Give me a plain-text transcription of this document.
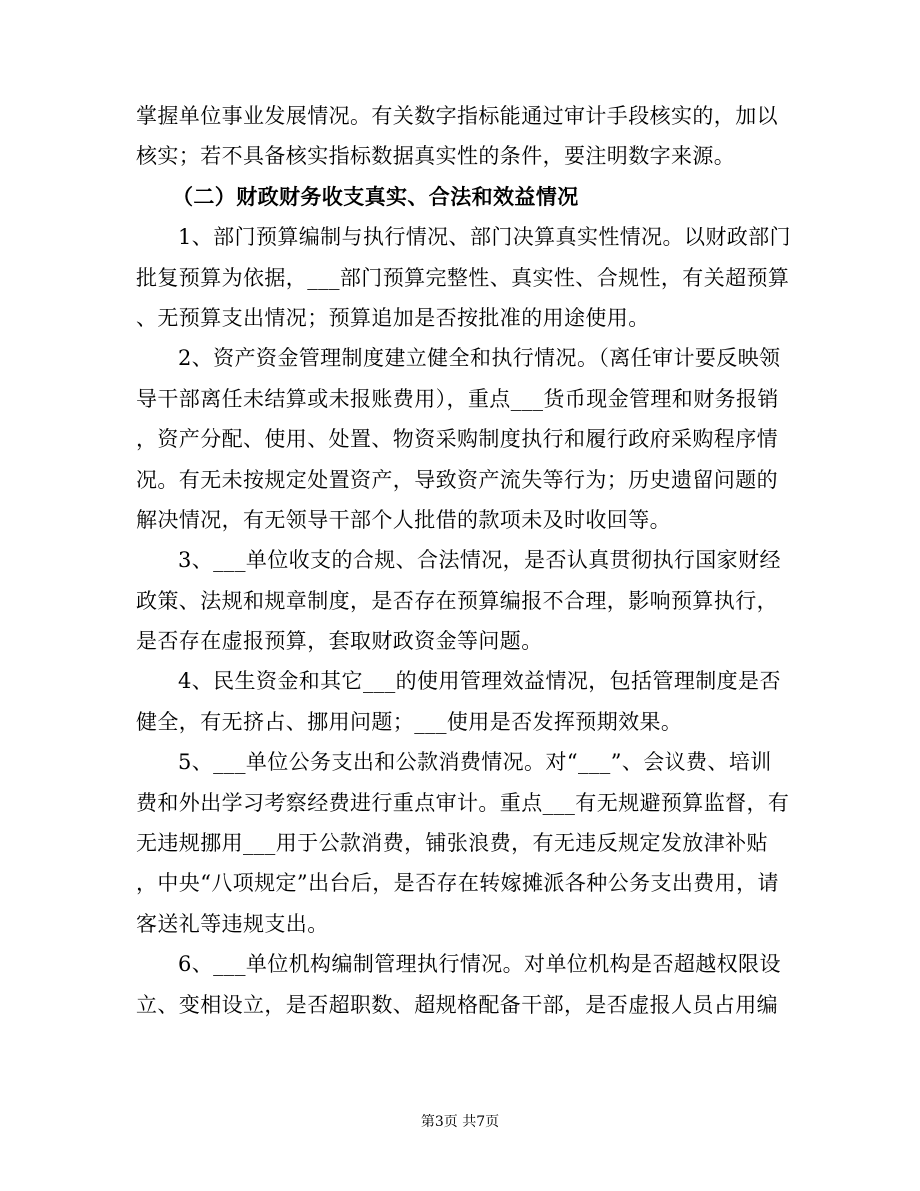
掌握单位事业发展情况。有关数字指标能通过审计手段核实的，加以
核实；若不具备核实指标数据真实性的条件，要注明数字来源。
（二）财政财务收支真实、合法和效益情况
1、部门预算编制与执行情况、部门决算真实性情况。以财政部门
批复预算为依据，___部门预算完整性、真实性、合规性，有关超预算
、无预算支出情况；预算追加是否按批准的用途使用。
2、资产资金管理制度建立健全和执行情况。（离任审计要反映领
导干部离任未结算或未报账费用），重点___货币现金管理和财务报销
，资产分配、使用、处置、物资采购制度执行和履行政府采购程序情
况。有无未按规定处置资产，导致资产流失等行为；历史遗留问题的
解决情况，有无领导干部个人批借的款项未及时收回等。
3、___单位收支的合规、合法情况，是否认真贯彻执行国家财经
政策、法规和规章制度，是否存在预算编报不合理，影响预算执行，
是否存在虚报预算，套取财政资金等问题。
4、民生资金和其它___的使用管理效益情况，包括管理制度是否
健全，有无挤占、挪用问题；___使用是否发挥预期效果。
5、___单位公务支出和公款消费情况。对“___”、会议费、培训
费和外出学习考察经费进行重点审计。重点___有无规避预算监督，有
无违规挪用___用于公款消费，铺张浪费，有无违反规定发放津补贴
，中央“八项规定”出台后，是否存在转嫁摊派各种公务支出费用，请
客送礼等违规支出。
6、___单位机构编制管理执行情况。对单位机构是否超越权限设
立、变相设立，是否超职数、超规格配备干部，是否虚报人员占用编
第3页 共7页
